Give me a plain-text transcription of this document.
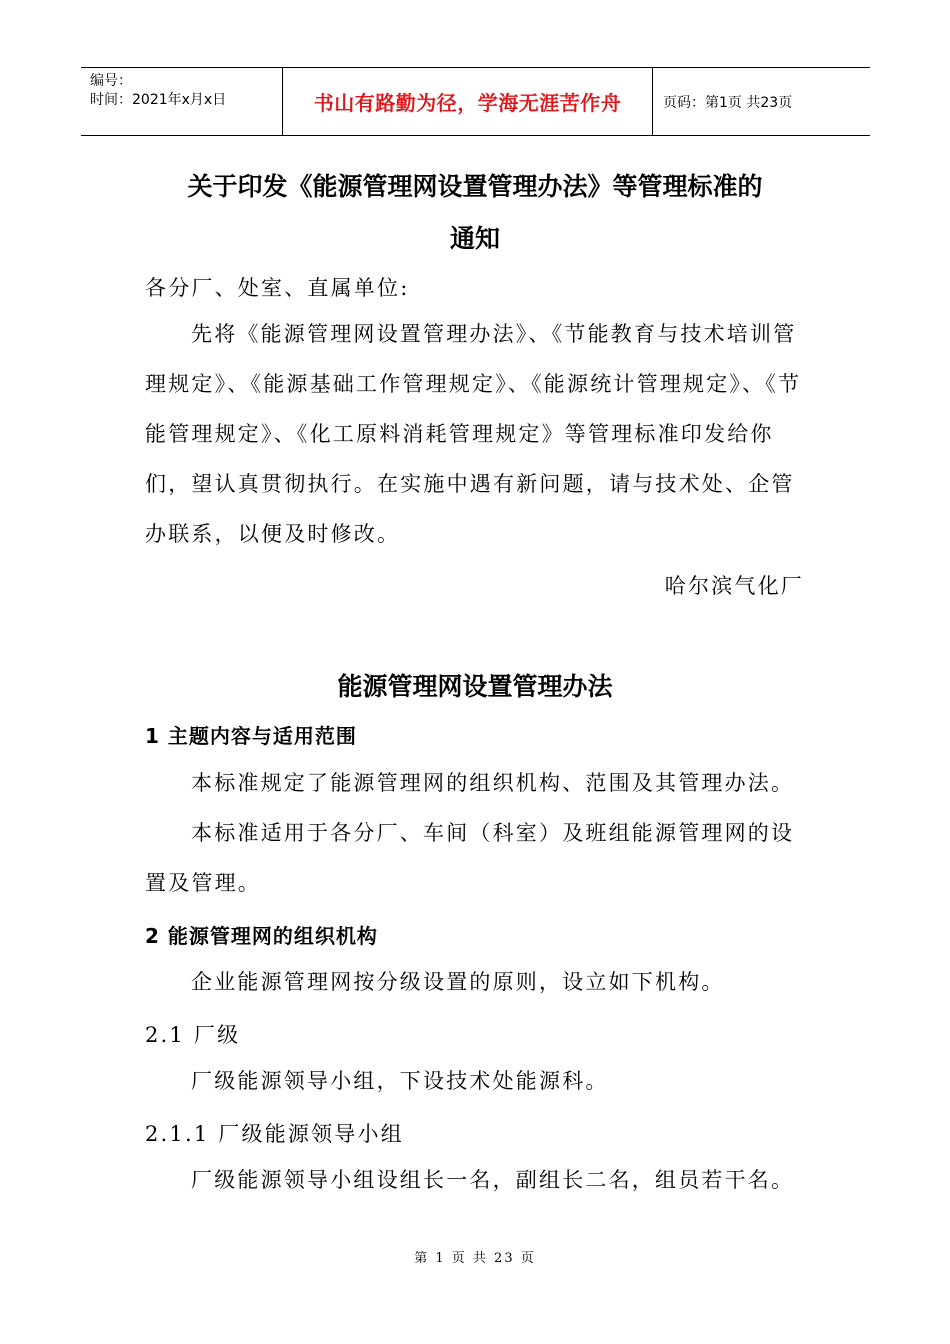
编号：
时间：2021年x月x日	书山有路勤为径，学海无涯苦作舟	页码：第1页 共23页
关于印发《能源管理网设置管理办法》等管理标准的
通知
各分厂、处室、直属单位:
先将《能源管理网设置管理办法》、《节能教育与技术培训管理规定》、《能源基础工作管理规定》、《能源统计管理规定》、《节能管理规定》、《化工原料消耗管理规定》等管理标准印发给你们，望认真贯彻执行。在实施中遇有新问题，请与技术处、企管办联系，以便及时修改。
哈尔滨气化厂
能源管理网设置管理办法
1 主题内容与适用范围
本标准规定了能源管理网的组织机构、范围及其管理办法。
本标准适用于各分厂、车间（科室）及班组能源管理网的设置及管理。
2 能源管理网的组织机构
企业能源管理网按分级设置的原则，设立如下机构。
2.1 厂级
厂级能源领导小组，下设技术处能源科。
2.1.1 厂级能源领导小组
厂级能源领导小组设组长一名，副组长二名，组员若干名。
第 1 页 共 23 页
